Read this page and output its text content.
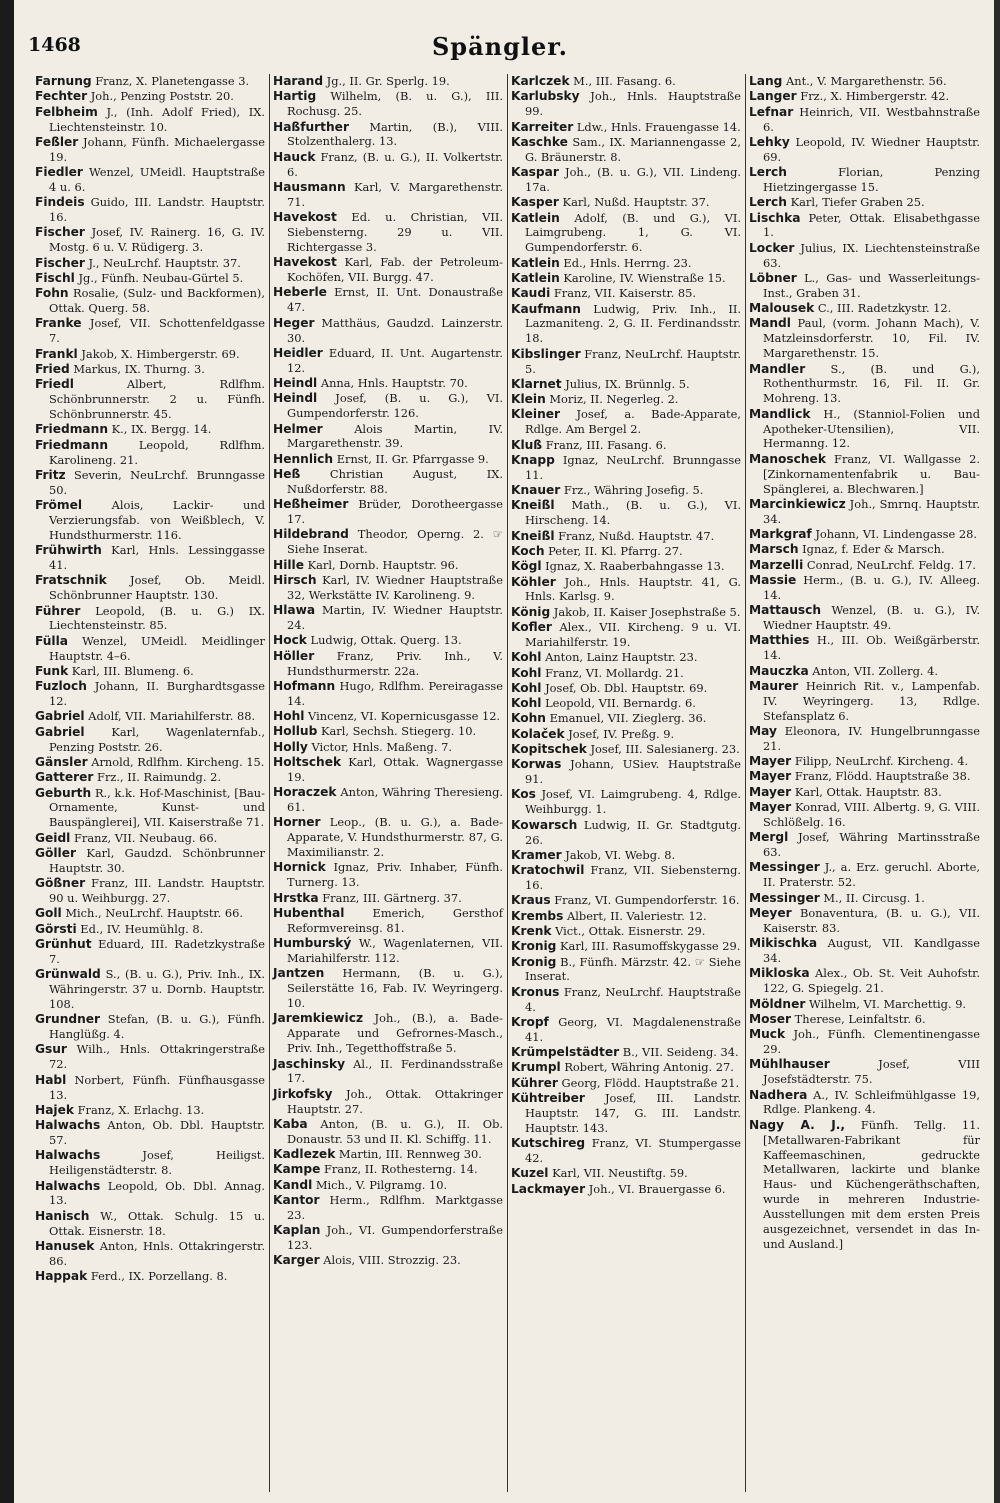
1468	Spängler.
Farnung Franz, X. Planetengasse 3.
Fechter Joh., Penzing Poststr. 20.
Felbheim J., (Inh. Adolf Fried), IX. Liechtensteinstr. 10.
Feßler Johann, Fünfh. Michaelergasse 19.
Fiedler Wenzel, UMeidl. Hauptstraße 4 u. 6.
Findeis Guido, III. Landstr. Hauptstr. 16.
Fischer Josef, IV. Rainerg. 16, G. IV. Mostg. 6 u. V. Rüdigerg. 3.
Fischer J., NeuLrchf. Hauptstr. 37.
Fischl Jg., Fünfh. Neubau-Gürtel 5.
Fohn Rosalie, (Sulz- und Backformen), Ottak. Querg. 58.
Franke Josef, VII. Schottenfeldgasse 7.
Frankl Jakob, X. Himbergerstr. 69.
Fried Markus, IX. Thurng. 3.
Friedl Albert, Rdlfhm. Schönbrunnerstr. 2 u. Fünfh. Schönbrunnerstr. 45.
Friedmann K., IX. Bergg. 14.
Friedmann Leopold, Rdlfhm. Karolineng. 21.
Fritz Severin, NeuLrchf. Brunngasse 50.
Frömel Alois, Lackir- und Verzierungsfab. von Weißblech, V. Hundsthurmerstr. 116.
Frühwirth Karl, Hnls. Lessinggasse 41.
Fratschnik Josef, Ob. Meidl. Schönbrunner Hauptstr. 130.
Führer Leopold, (B. u. G.) IX. Liechtensteinstr. 85.
Fülla Wenzel, UMeidl. Meidlinger Hauptstr. 4–6.
Funk Karl, III. Blumeng. 6.
Fuzloch Johann, II. Burghardtsgasse 12.
Gabriel Adolf, VII. Mariahilferstr. 88.
Gabriel Karl, Wagenlaternfab., Penzing Poststr. 26.
Gänsler Arnold, Rdlfhm. Kircheng. 15.
Gatterer Frz., II. Raimundg. 2.
Geburth R., k.k. Hof-Maschinist, [Bau-Ornamente, Kunst- und Bauspänglerei], VII. Kaiserstraße 71.
Geidl Franz, VII. Neubaug. 66.
Göller Karl, Gaudzd. Schönbrunner Hauptstr. 30.
Gößner Franz, III. Landstr. Hauptstr. 90 u. Weihburgg. 27.
Goll Mich., NeuLrchf. Hauptstr. 66.
Görsti Ed., IV. Heumühlg. 8.
Grünhut Eduard, III. Radetzkystraße 7.
Grünwald S., (B. u. G.), Priv. Inh., IX. Währingerstr. 37 u. Dornb. Hauptstr. 108.
Grundner Stefan, (B. u. G.), Fünfh. Hanglüßg. 4.
Gsur Wilh., Hnls. Ottakringerstraße 72.
Habl Norbert, Fünfh. Fünfhausgasse 13.
Hajek Franz, X. Erlachg. 13.
Halwachs Anton, Ob. Dbl. Hauptstr. 57.
Halwachs Josef, Heiligst. Heiligenstädterstr. 8.
Halwachs Leopold, Ob. Dbl. Annag. 13.
Hanisch W., Ottak. Schulg. 15 u. Ottak. Eisnerstr. 18.
Hanusek Anton, Hnls. Ottakringerstr. 86.
Happak Ferd., IX. Porzellang. 8.
Harand Jg., II. Gr. Sperlg. 19.
Hartig Wilhelm, (B. u. G.), III. Rochusg. 25.
Haßfurther Martin, (B.), VIII. Stolzenthalerg. 13.
Hauck Franz, (B. u. G.), II. Volkertstr. 6.
Hausmann Karl, V. Margarethenstr. 71.
Havekost Ed. u. Christian, VII. Siebensterng. 29 u. VII. Richtergasse 3.
Havekost Karl, Fab. der Petroleum-Kochöfen, VII. Burgg. 47.
Heberle Ernst, II. Unt. Donaustraße 47.
Heger Matthäus, Gaudzd. Lainzerstr. 30.
Heidler Eduard, II. Unt. Augartenstr. 12.
Heindl Anna, Hnls. Hauptstr. 70.
Heindl Josef, (B. u. G.), VI. Gumpendorferstr. 126.
Helmer Alois Martin, IV. Margarethenstr. 39.
Hennlich Ernst, II. Gr. Pfarrgasse 9.
Heß Christian August, IX. Nußdorferstr. 88.
Heßheimer Brüder, Dorotheergasse 17.
Hildebrand Theodor, Operng. 2. ☞ Siehe Inserat.
Hille Karl, Dornb. Hauptstr. 96.
Hirsch Karl, IV. Wiedner Hauptstraße 32, Werkstätte IV. Karolineng. 9.
Hlawa Martin, IV. Wiedner Hauptstr. 24.
Hock Ludwig, Ottak. Querg. 13.
Höller Franz, Priv. Inh., V. Hundsthurmerstr. 22a.
Hofmann Hugo, Rdlfhm. Pereiragasse 14.
Hohl Vincenz, VI. Kopernicusgasse 12.
Hollub Karl, Sechsh. Stiegerg. 10.
Holly Victor, Hnls. Maßeng. 7.
Holtschek Karl, Ottak. Wagnergasse 19.
Horaczek Anton, Währing Theresieng. 61.
Horner Leop., (B. u. G.), a. Bade-Apparate, V. Hundsthurmerstr. 87, G. Maximilianstr. 2.
Hornick Ignaz, Priv. Inhaber, Fünfh. Turnerg. 13.
Hrstka Franz, III. Gärtnerg. 37.
Hubenthal Emerich, Gersthof Reformvereinsg. 81.
Humburský W., Wagenlaternen, VII. Mariahilferstr. 112.
Jantzen Hermann, (B. u. G.), Seilerstätte 16, Fab. IV. Weyringerg. 10.
Jaremkiewicz Joh., (B.), a. Bade-Apparate und Gefrornes-Masch., Priv. Inh., Tegetthoffstraße 5.
Jaschinsky Al., II. Ferdinandsstraße 17.
Jirkofsky Joh., Ottak. Ottakringer Hauptstr. 27.
Kaba Anton, (B. u. G.), II. Ob. Donaustr. 53 und II. Kl. Schiffg. 11.
Kadlezek Martin, III. Rennweg 30.
Kampe Franz, II. Rothesterng. 14.
Kandl Mich., V. Pilgramg. 10.
Kantor Herm., Rdlfhm. Marktgasse 23.
Kaplan Joh., VI. Gumpendorferstraße 123.
Karger Alois, VIII. Strozzig. 23.
Karlczek M., III. Fasang. 6.
Karlubsky Joh., Hnls. Hauptstraße 99.
Karreiter Ldw., Hnls. Frauengasse 14.
Kaschke Sam., IX. Mariannengasse 2, G. Bräunerstr. 8.
Kaspar Joh., (B. u. G.), VII. Lindeng. 17a.
Kasper Karl, Nußd. Hauptstr. 37.
Katlein Adolf, (B. und G.), VI. Laimgrubeng. 1, G. VI. Gumpendorferstr. 6.
Katlein Ed., Hnls. Herrng. 23.
Katlein Karoline, IV. Wienstraße 15.
Kaudi Franz, VII. Kaiserstr. 85.
Kaufmann Ludwig, Priv. Inh., II. Lazmaniteng. 2, G. II. Ferdinandsstr. 18.
Kibslinger Franz, NeuLrchf. Hauptstr. 5.
Klarnet Julius, IX. Brünnlg. 5.
Klein Moriz, II. Negerleg. 2.
Kleiner Josef, a. Bade-Apparate, Rdlge. Am Bergel 2.
Kluß Franz, III. Fasang. 6.
Knapp Ignaz, NeuLrchf. Brunngasse 11.
Knauer Frz., Währing Josefig. 5.
Kneißl Math., (B. u. G.), VI. Hirscheng. 14.
Kneißl Franz, Nußd. Hauptstr. 47.
Koch Peter, II. Kl. Pfarrg. 27.
Kögl Ignaz, X. Raaberbahngasse 13.
Köhler Joh., Hnls. Hauptstr. 41, G. Hnls. Karlsg. 9.
König Jakob, II. Kaiser Josephstraße 5.
Kofler Alex., VII. Kircheng. 9 u. VI. Mariahilferstr. 19.
Kohl Anton, Lainz Hauptstr. 23.
Kohl Franz, VI. Mollardg. 21.
Kohl Josef, Ob. Dbl. Hauptstr. 69.
Kohl Leopold, VII. Bernardg. 6.
Kohn Emanuel, VII. Zieglerg. 36.
Kolaček Josef, IV. Preßg. 9.
Kopitschek Josef, III. Salesianerg. 23.
Korwas Johann, USiev. Hauptstraße 91.
Kos Josef, VI. Laimgrubeng. 4, Rdlge. Weihburgg. 1.
Kowarsch Ludwig, II. Gr. Stadtgutg. 26.
Kramer Jakob, VI. Webg. 8.
Kratochwil Franz, VII. Siebensterng. 16.
Kraus Franz, VI. Gumpendorferstr. 16.
Krembs Albert, II. Valeriestr. 12.
Krenk Vict., Ottak. Eisnerstr. 29.
Kronig Karl, III. Rasumoffskygasse 29.
Kronig B., Fünfh. Märzstr. 42. ☞ Siehe Inserat.
Kronus Franz, NeuLrchf. Hauptstraße 4.
Kropf Georg, VI. Magdalenenstraße 41.
Krümpelstädter B., VII. Seideng. 34.
Krumpl Robert, Währing Antonig. 27.
Kührer Georg, Flödd. Hauptstraße 21.
Kühtreiber Josef, III. Landstr. Hauptstr. 147, G. III. Landstr. Hauptstr. 143.
Kutschireg Franz, VI. Stumpergasse 42.
Kuzel Karl, VII. Neustiftg. 59.
Lackmayer Joh., VI. Brauergasse 6.
Lang Ant., V. Margarethenstr. 56.
Langer Frz., X. Himbergerstr. 42.
Lefnar Heinrich, VII. Westbahnstraße 6.
Lehky Leopold, IV. Wiedner Hauptstr. 69.
Lerch Florian, Penzing Hietzingergasse 15.
Lerch Karl, Tiefer Graben 25.
Lischka Peter, Ottak. Elisabethgasse 1.
Locker Julius, IX. Liechtensteinstraße 63.
Löbner L., Gas- und Wasserleitungs-Inst., Graben 31.
Malousek C., III. Radetzkystr. 12.
Mandl Paul, (vorm. Johann Mach), V. Matzleinsdorferstr. 10, Fil. IV. Margarethenstr. 15.
Mandler S., (B. und G.), Rothenthurmstr. 16, Fil. II. Gr. Mohreng. 13.
Mandlick H., (Stanniol-Folien und Apotheker-Utensilien), VII. Hermanng. 12.
Manoschek Franz, VI. Wallgasse 2. [Zinkornamentenfabrik u. Bau-Spänglerei, a. Blechwaren.]
Marcinkiewicz Joh., Smrnq. Hauptstr. 34.
Markgraf Johann, VI. Lindengasse 28.
Marsch Ignaz, f. Eder & Marsch.
Marzelli Conrad, NeuLrchf. Feldg. 17.
Massie Herm., (B. u. G.), IV. Alleeg. 14.
Mattausch Wenzel, (B. u. G.), IV. Wiedner Hauptstr. 49.
Matthies H., III. Ob. Weißgärberstr. 14.
Mauczka Anton, VII. Zollerg. 4.
Maurer Heinrich Rit. v., Lampenfab. IV. Weyringerg. 13, Rdlge. Stefansplatz 6.
May Eleonora, IV. Hungelbrunngasse 21.
Mayer Filipp, NeuLrchf. Kircheng. 4.
Mayer Franz, Flödd. Hauptstraße 38.
Mayer Karl, Ottak. Hauptstr. 83.
Mayer Konrad, VIII. Albertg. 9, G. VIII. Schlößelg. 16.
Mergl Josef, Währing Martinsstraße 63.
Messinger J., a. Erz. geruchl. Aborte, II. Praterstr. 52.
Messinger M., II. Circusg. 1.
Meyer Bonaventura, (B. u. G.), VII. Kaiserstr. 83.
Mikischka August, VII. Kandlgasse 34.
Mikloska Alex., Ob. St. Veit Auhofstr. 122, G. Spiegelg. 21.
Möldner Wilhelm, VI. Marchettig. 9.
Moser Therese, Leinfaltstr. 6.
Muck Joh., Fünfh. Clementinengasse 29.
Mühlhauser Josef, VIII Josefstädterstr. 75.
Nadhera A., IV. Schleifmühlgasse 19, Rdlge. Plankeng. 4.
Nagy A. J., Fünfh. Tellg. 11. [Metallwaren-Fabrikant für Kaffeemaschinen, gedruckte Metallwaren, lackirte und blanke Haus- und Küchengeräthschaften, wurde in mehreren Industrie-Ausstellungen mit dem ersten Preis ausgezeichnet, versendet in das In- und Ausland.]
